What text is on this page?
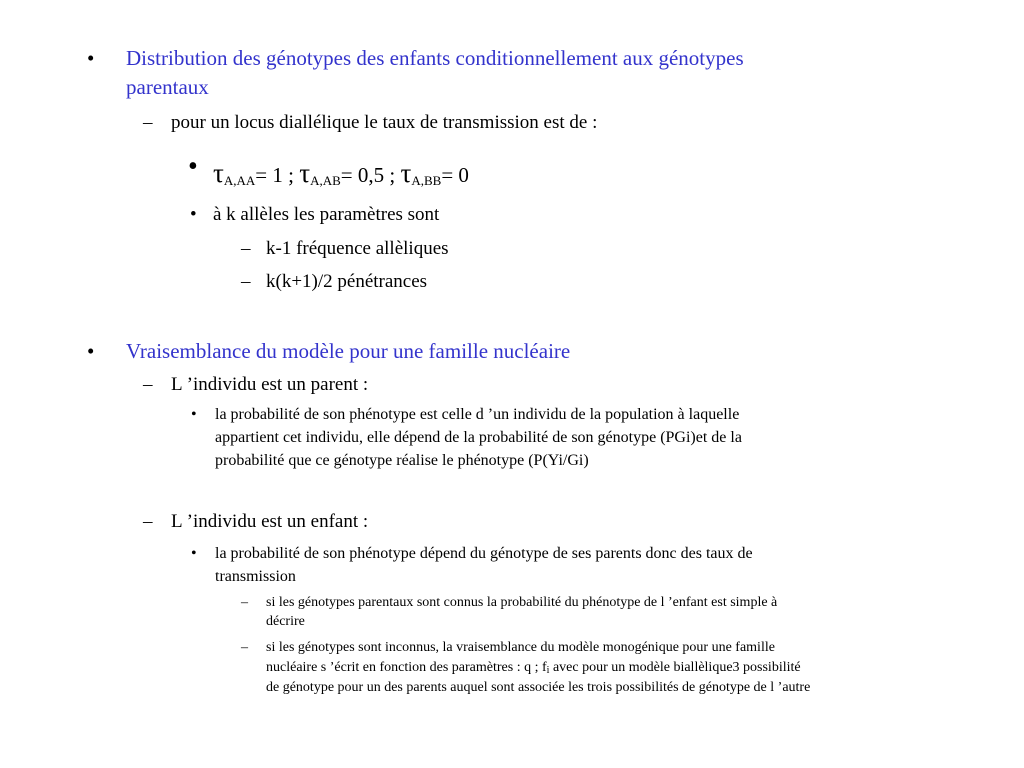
• Distribution des génotypes des enfants conditionnellement aux génotypes
parentaux
– pour un locus diallélique le taux de transmission est de :
• $\tau_{A,AA}= 1$ ; $\tau_{A,AB}= 0,5$ ; $\tau_{A,BB}= 0$
• à k allèles les paramètres sont
– k-1 fréquence allèliques
– k(k+1)/2 pénétrances
• Vraisemblance du modèle pour une famille nucléaire
– L ’individu est un parent :
• la probabilité de son phénotype est celle d ’un individu de la population à laquelle
appartient cet individu, elle dépend de la probabilité de son génotype (PGi)et de la
probabilité que ce génotype réalise le phénotype (P(Yi/Gi)
– L ’individu est un enfant :
• la probabilité de son phénotype dépend du génotype de ses parents donc des taux de
transmission
– si les génotypes parentaux sont connus la probabilité du phénotype de l ’enfant est simple à
décrire
– si les génotypes sont inconnus, la vraisemblance du modèle monogénique pour une famille
nucléaire s ’écrit en fonction des paramètres : q ; $f_i$ avec pour un modèle biallèlique3 possibilité
de génotype pour un des parents auquel sont associée les trois possibilités de génotype de l ’autre
